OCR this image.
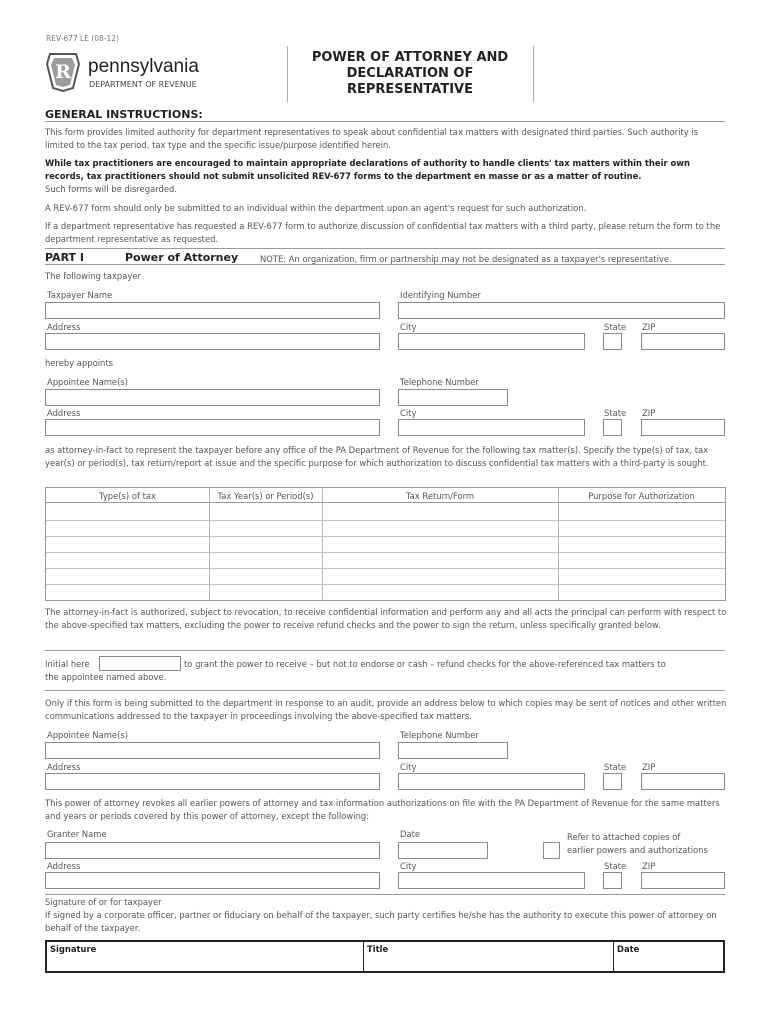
REV-677 LE (08-12)
R pennsylvania
DEPARTMENT OF REVENUE
POWER OF ATTORNEY AND
DECLARATION OF
REPRESENTATIVE
GENERAL INSTRUCTIONS:

This form provides limited authority for department representatives to speak about confidential tax matters with designated third parties. Such authority is limited to the tax period, tax type and the specific issue/purpose identified herein.

While tax practitioners are encouraged to maintain appropriate declarations of authority to handle clients' tax matters within their own records, tax practitioners should not submit unsolicited REV-677 forms to the department en masse or as a matter of routine.

Such forms will be disregarded.

A REV-677 form should only be submitted to an individual within the department upon an agent's request for such authorization.

If a department representative has requested a REV-677 form to authorize discussion of confidential tax matters with a third party, please return the form to the department representative as requested.

PART I	Power of Attorney	NOTE: An organization, firm or partnership may not be designated as a taxpayer's representative.
The following taxpayer
Taxpayer Name	Identifying Number
Address	City	State ZIP
hereby appoints
Appointee Name(s)	Telephone Number
Address	City	State ZIP

as attorney-in-fact to represent the taxpayer before any office of the PA Department of Revenue for the following tax matter(s). Specify the type(s) of tax, tax year(s) or period(s), tax return/report at issue and the specific purpose for which authorization to discuss confidential tax matters with a third-party is sought.

Type(s) of tax	Tax Year(s) or Period(s)	Tax Return/Form	Purpose for Authorization

The attorney-in-fact is authorized, subject to revocation, to receive confidential information and perform any and all acts the principal can perform with respect to the above-specified tax matters, excluding the power to receive refund checks and the power to sign the return, unless specifically granted below.

Initial here	to grant the power to receive – but not to endorse or cash – refund checks for the above-referenced tax matters to
the appointee named above.

Only if this form is being submitted to the department in response to an audit, provide an address below to which copies may be sent of notices and other written communications addressed to the taxpayer in proceedings involving the above-specified tax matters.

Appointee Name(s)	Telephone Number
Address	City	State ZIP

This power of attorney revokes all earlier powers of attorney and tax information authorizations on file with the PA Department of Revenue for the same matters and years or periods covered by this power of attorney, except the following:

Granter Name	Date	Refer to attached copies of
earlier powers and authorizations
Address	City	State ZIP
Signature of or for taxpayer

If signed by a corporate officer, partner or fiduciary on behalf of the taxpayer, such party certifies he/she has the authority to execute this power of attorney on behalf of the taxpayer.

Signature	Title	Date
